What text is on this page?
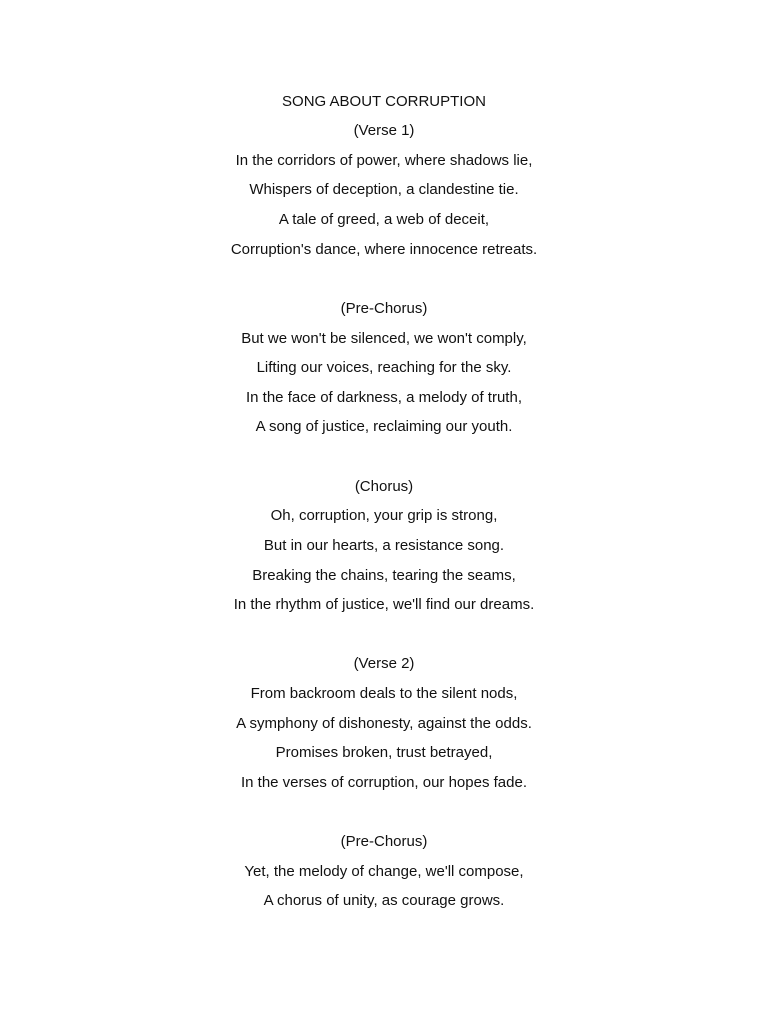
SONG ABOUT CORRUPTION
(Verse 1)
In the corridors of power, where shadows lie,
Whispers of deception, a clandestine tie.
A tale of greed, a web of deceit,
Corruption's dance, where innocence retreats.
(Pre-Chorus)
But we won't be silenced, we won't comply,
Lifting our voices, reaching for the sky.
In the face of darkness, a melody of truth,
A song of justice, reclaiming our youth.
(Chorus)
Oh, corruption, your grip is strong,
But in our hearts, a resistance song.
Breaking the chains, tearing the seams,
In the rhythm of justice, we'll find our dreams.
(Verse 2)
From backroom deals to the silent nods,
A symphony of dishonesty, against the odds.
Promises broken, trust betrayed,
In the verses of corruption, our hopes fade.
(Pre-Chorus)
Yet, the melody of change, we'll compose,
A chorus of unity, as courage grows.
